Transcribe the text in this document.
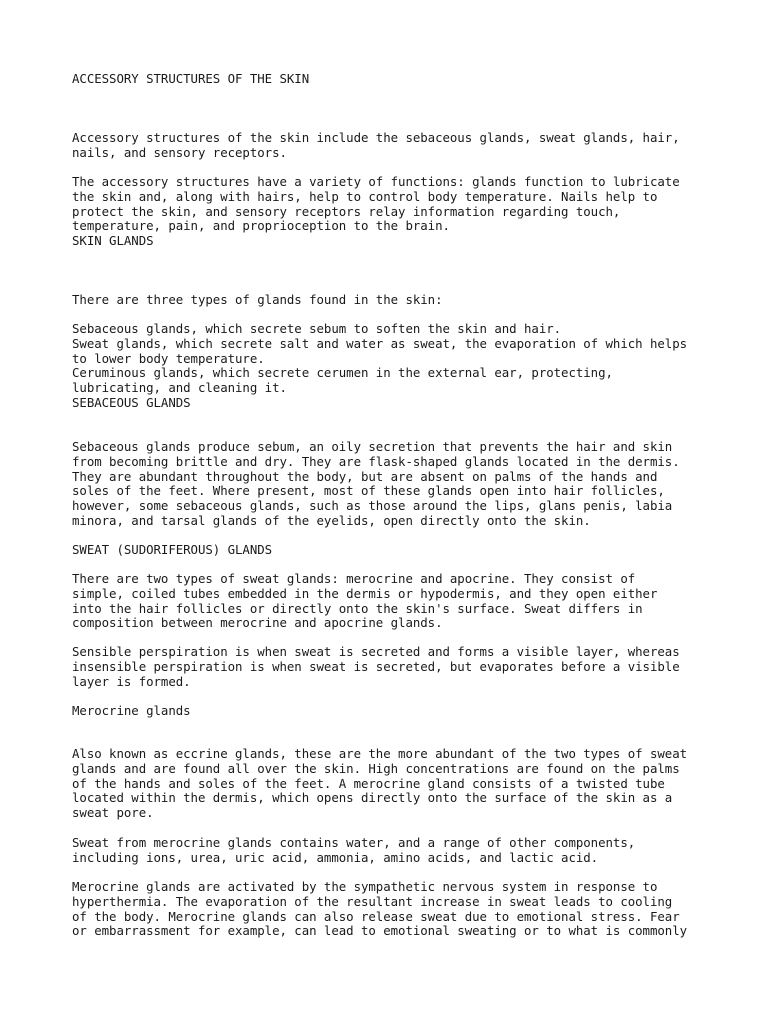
ACCESSORY STRUCTURES OF THE SKIN

Accessory structures of the skin include the sebaceous glands, sweat glands, hair,
nails, and sensory receptors.

The accessory structures have a variety of functions: glands function to lubricate
the skin and, along with hairs, help to control body temperature. Nails help to
protect the skin, and sensory receptors relay information regarding touch,
temperature, pain, and proprioception to the brain.
SKIN GLANDS

There are three types of glands found in the skin:

Sebaceous glands, which secrete sebum to soften the skin and hair.
Sweat glands, which secrete salt and water as sweat, the evaporation of which helps
to lower body temperature.
Ceruminous glands, which secrete cerumen in the external ear, protecting,
lubricating, and cleaning it.
SEBACEOUS GLANDS

Sebaceous glands produce sebum, an oily secretion that prevents the hair and skin
from becoming brittle and dry. They are flask-shaped glands located in the dermis.
They are abundant throughout the body, but are absent on palms of the hands and
soles of the feet. Where present, most of these glands open into hair follicles,
however, some sebaceous glands, such as those around the lips, glans penis, labia
minora, and tarsal glands of the eyelids, open directly onto the skin.

SWEAT (SUDORIFEROUS) GLANDS

There are two types of sweat glands: merocrine and apocrine. They consist of
simple, coiled tubes embedded in the dermis or hypodermis, and they open either
into the hair follicles or directly onto the skin's surface. Sweat differs in
composition between merocrine and apocrine glands.

Sensible perspiration is when sweat is secreted and forms a visible layer, whereas
insensible perspiration is when sweat is secreted, but evaporates before a visible
layer is formed.

Merocrine glands

Also known as eccrine glands, these are the more abundant of the two types of sweat
glands and are found all over the skin. High concentrations are found on the palms
of the hands and soles of the feet. A merocrine gland consists of a twisted tube
located within the dermis, which opens directly onto the surface of the skin as a
sweat pore.

Sweat from merocrine glands contains water, and a range of other components,
including ions, urea, uric acid, ammonia, amino acids, and lactic acid.

Merocrine glands are activated by the sympathetic nervous system in response to
hyperthermia. The evaporation of the resultant increase in sweat leads to cooling
of the body. Merocrine glands can also release sweat due to emotional stress. Fear
or embarrassment for example, can lead to emotional sweating or to what is commonly
